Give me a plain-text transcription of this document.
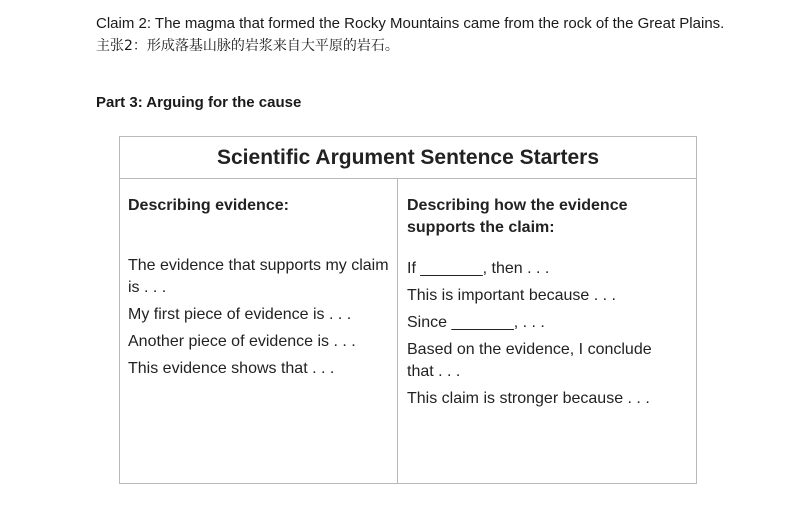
Claim 2: The magma that formed the Rocky Mountains came from the rock of the Great Plains.
主张2：形成落基山脉的岩浆来自大平原的岩石。
Part 3: Arguing for the cause
Scientific Argument Sentence Starters
Describing evidence:
The evidence that supports my claim is . . .
My first piece of evidence is . . .
Another piece of evidence is . . .
This evidence shows that . . .
Describing how the evidence supports the claim:
If _______, then . . .
This is important because . . .
Since _______, . . .
Based on the evidence, I conclude that . . .
This claim is stronger because . . .
